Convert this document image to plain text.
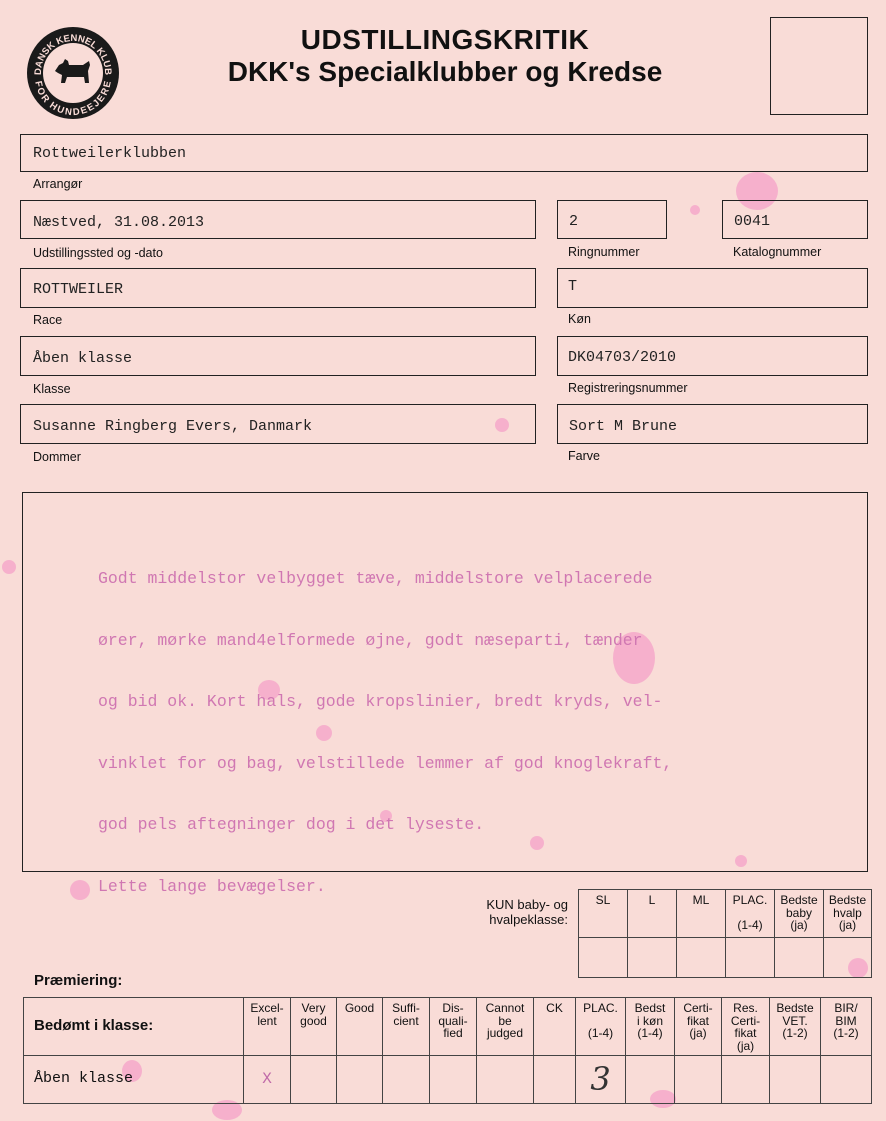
DANSK KENNEL KLUB
FOR HUNDEEJERE
UDSTILLINGSKRITIK
DKK's Specialklubber og Kredse
Rottweilerklubben
Arrangør
Næstved, 31.08.2013
Udstillingssted og -dato
2
Ringnummer
0041
Katalognummer
ROTTWEILER
Race
T
Køn
Åben klasse
Klasse
DK04703/2010
Registreringsnummer
Susanne Ringberg Evers, Danmark
Dommer
Sort M Brune
Farve

Godt middelstor velbygget tæve, middelstore velplacerede

ører, mørke mand4elformede øjne, godt næseparti, tænder

og bid ok. Kort hals, gode kropslinier, bredt kryds, vel-

vinklet for og bag, velstillede lemmer af god knoglekraft,

god pels aftegninger dog i det lyseste.

Lette lange bevægelser.

KUN baby- og
hvalpeklasse:
SL	L	ML	PLAC.

(1-4)	Bedste
baby
(ja)	Bedste
hvalp
(ja)

Præmiering:
Bedømt i klasse:	Excel-
lent	Very
good	Good	Suffi-
cient	Dis-
quali-
fied	Cannot
be
judged	CK	PLAC.

(1-4)	Bedst
i køn
(1-4)	Certi-
fikat
(ja)	Res.
Certi-
fikat
(ja)	Bedste
VET.
(1-2)	BIR/
BIM
(1-2)
Åben klasse	X							3					
